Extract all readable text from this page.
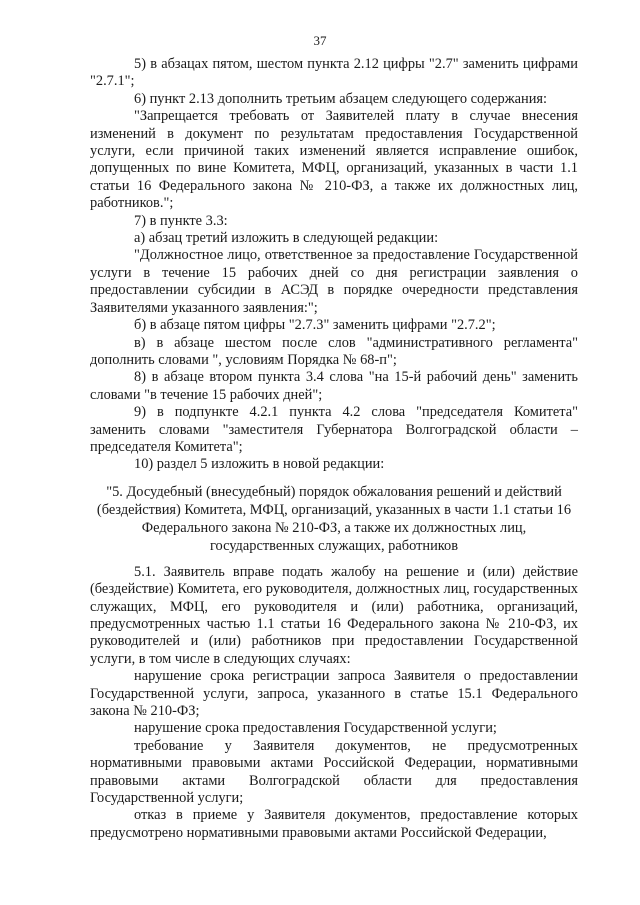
37

5) в абзацах пятом, шестом пункта 2.12 цифры "2.7" заменить цифрами "2.7.1";

6) пункт 2.13 дополнить третьим абзацем следующего содержания:

"Запрещается требовать от Заявителей плату в случае внесения изменений в документ по результатам предоставления Государственной услуги, если причиной таких изменений является исправление ошибок, допущенных по вине Комитета, МФЦ, организаций, указанных в части 1.1 статьи 16 Федерального закона № 210-ФЗ, а также их должностных лиц, работников.";

7) в пункте 3.3:

а) абзац третий изложить в следующей редакции:

"Должностное лицо, ответственное за предоставление Государственной услуги в течение 15 рабочих дней со дня регистрации заявления о предоставлении субсидии в АСЭД в порядке очередности представления Заявителями указанного заявления:";

б) в абзаце пятом цифры "2.7.3" заменить цифрами "2.7.2";

в) в абзаце шестом после слов "административного регламента" дополнить словами ", условиям Порядка № 68-п";

8) в абзаце втором пункта 3.4 слова "на 15-й рабочий день" заменить словами "в течение 15 рабочих дней";

9) в подпункте 4.2.1 пункта 4.2 слова "председателя Комитета" заменить словами "заместителя Губернатора Волгоградской области – председателя Комитета";

10) раздел 5 изложить в новой редакции:

"5. Досудебный (внесудебный) порядок обжалования решений и действий (бездействия) Комитета, МФЦ, организаций, указанных в части 1.1 статьи 16 Федерального закона № 210-ФЗ, а также их должностных лиц, государственных служащих, работников

5.1. Заявитель вправе подать жалобу на решение и (или) действие (бездействие) Комитета, его руководителя, должностных лиц, государственных служащих, МФЦ, его руководителя и (или) работника, организаций, предусмотренных частью 1.1 статьи 16 Федерального закона № 210-ФЗ, их руководителей и (или) работников при предоставлении Государственной услуги, в том числе в следующих случаях:

нарушение срока регистрации запроса Заявителя о предоставлении Государственной услуги, запроса, указанного в статье 15.1 Федерального закона № 210-ФЗ;

нарушение срока предоставления Государственной услуги;

требование у Заявителя документов, не предусмотренных нормативными правовыми актами Российской Федерации, нормативными правовыми актами Волгоградской области для предоставления Государственной услуги;

отказ в приеме у Заявителя документов, предоставление которых предусмотрено нормативными правовыми актами Российской Федерации,
